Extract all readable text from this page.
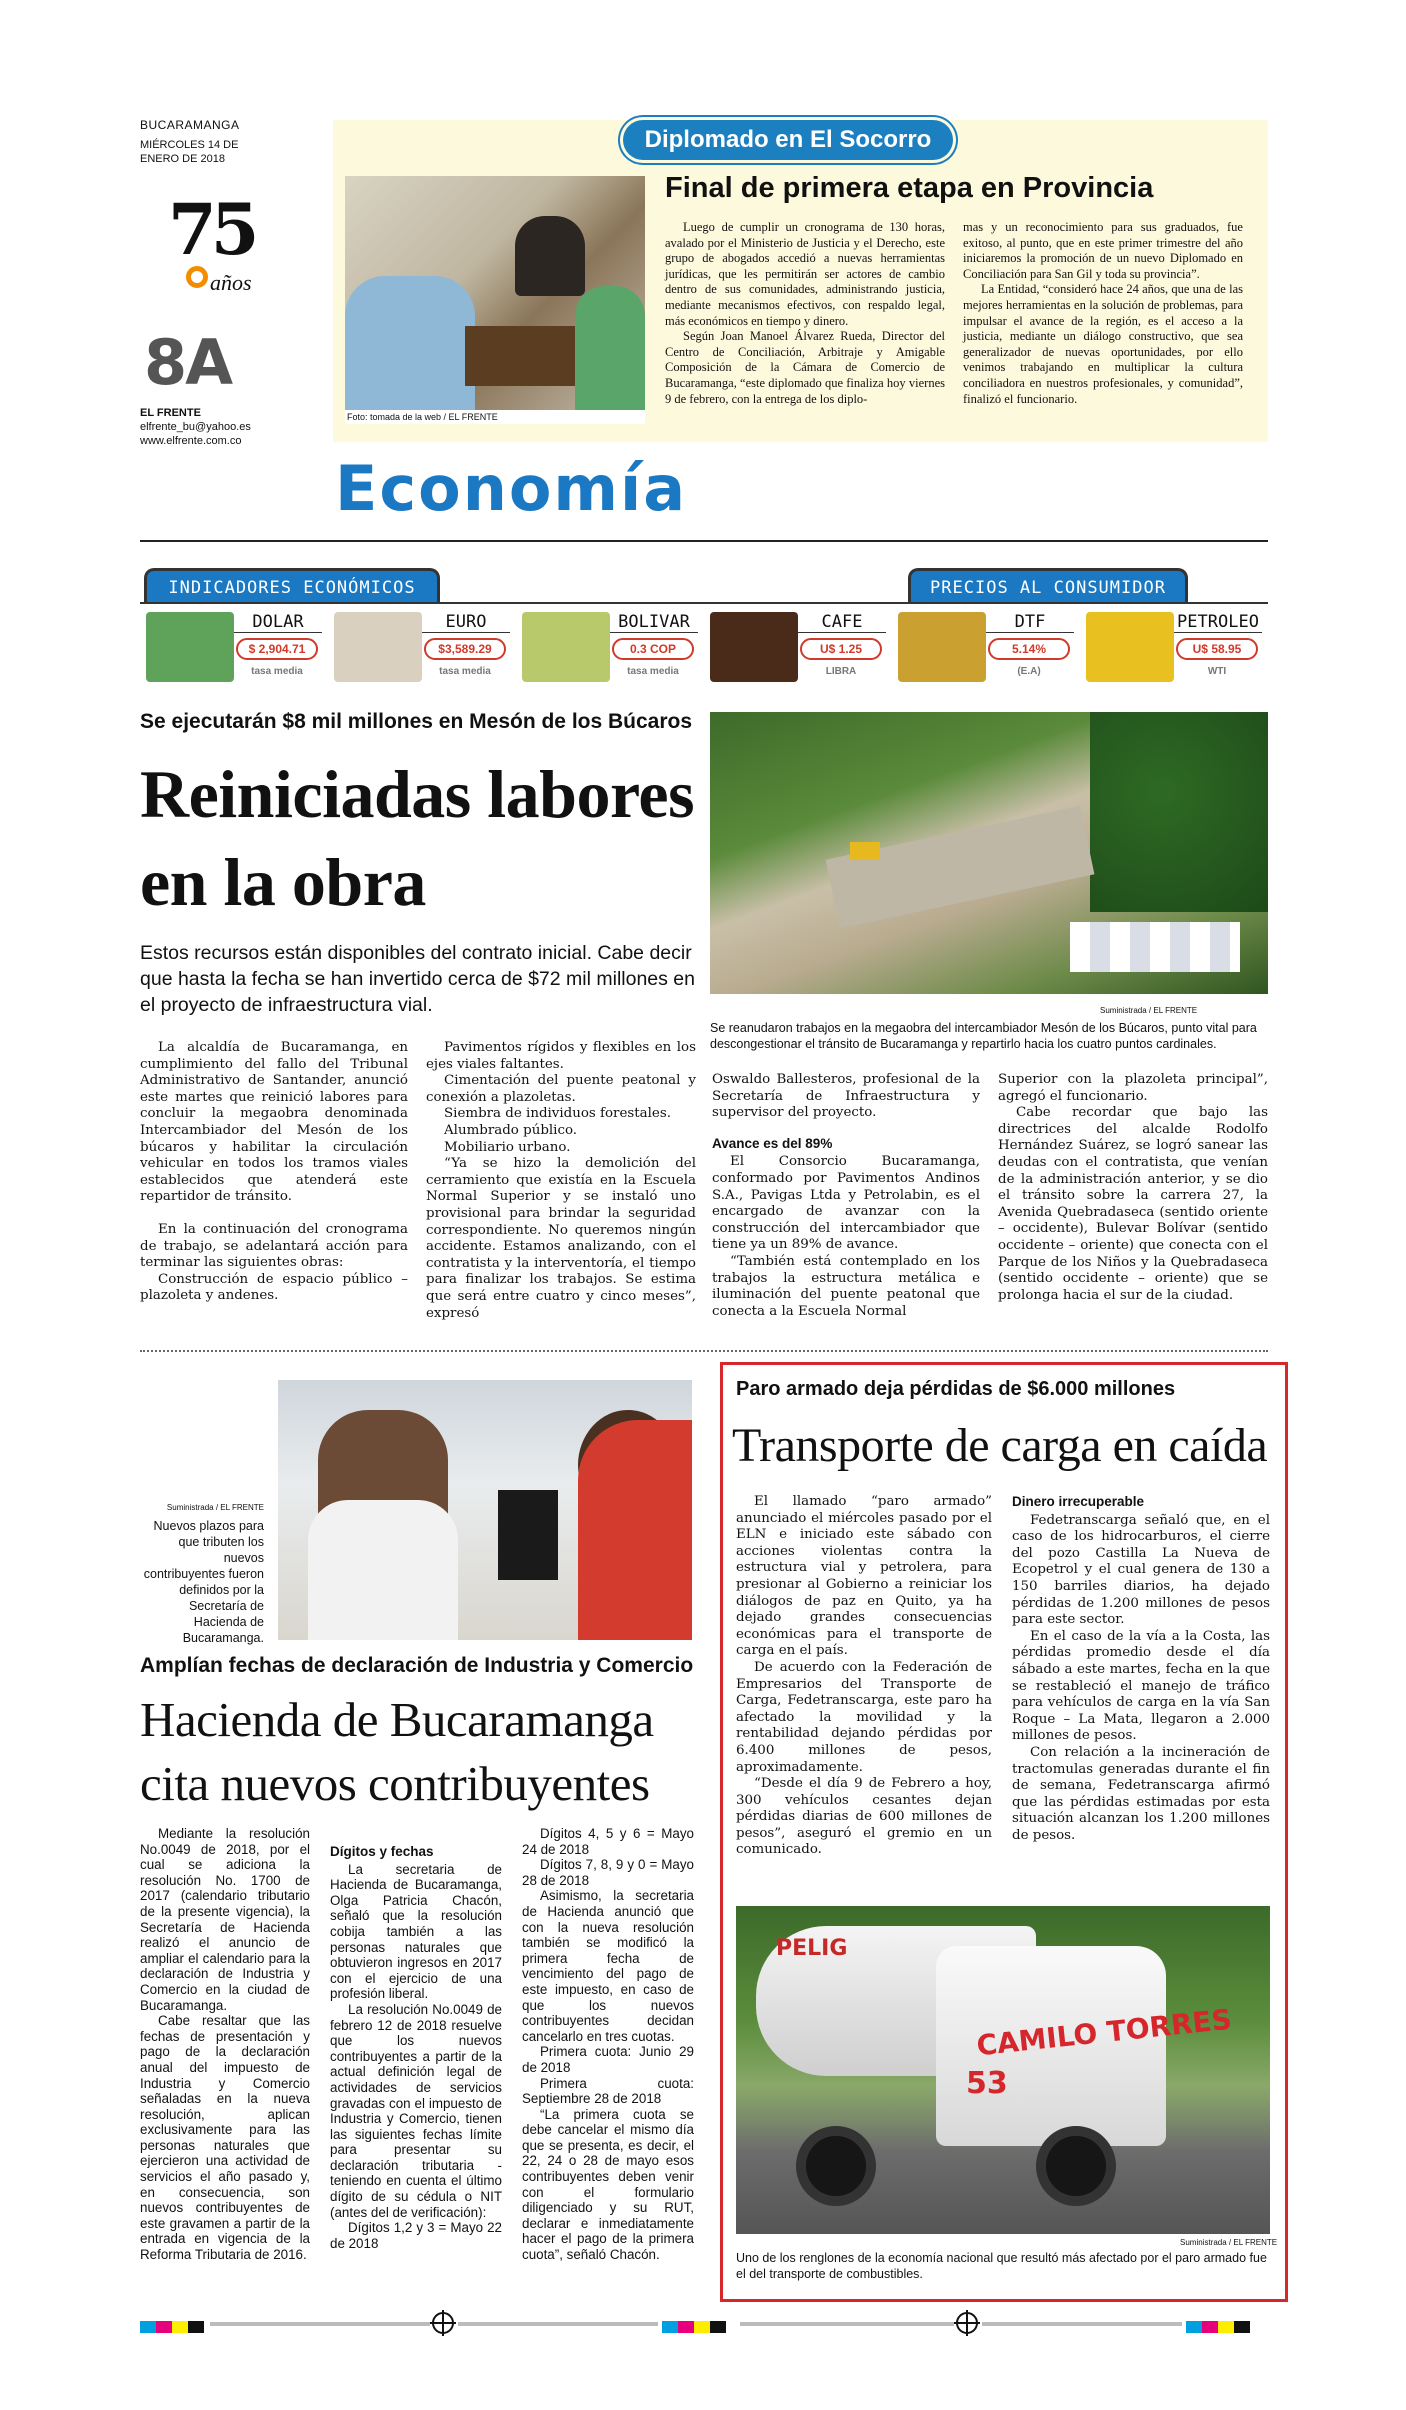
BUCARAMANGA
MIÉRCOLES 14 DE ENERO DE 2018
75
años
8A
EL FRENTE
elfrente_bu@yahoo.es
www.elfrente.com.co
Diplomado en El Socorro
Foto: tomada de la web / EL FRENTE
Final de primera etapa en Provincia

Luego de cumplir un cronograma de 130 horas, avalado por el Ministerio de Justicia y el Derecho, este grupo de abogados accedió a nuevas herramientas jurídicas, que les permitirán ser actores de cambio dentro de sus comunidades, administrando justicia, mediante mecanismos efectivos, con respaldo legal, más económicos en tiempo y dinero.

Según Joan Manoel Álvarez Rueda, Director del Centro de Conciliación, Arbitraje y Amigable Composición de la Cámara de Comercio de Bucaramanga, “este diplomado que finaliza hoy viernes 9 de febrero, con la entrega de los diplo-

mas y un reconocimiento para sus graduados, fue exitoso, al punto, que en este primer trimestre del año iniciaremos la promoción de un nuevo Diplomado en Conciliación para San Gil y toda su provincia”.

La Entidad, “consideró hace 24 años, que una de las mejores herramientas en la solución de problemas, para impulsar el avance de la región, es el acceso a la justicia, mediante un diálogo constructivo, que sea generalizador de nuevas oportunidades, por ello venimos trabajando en multiplicar la cultura conciliadora en nuestros profesionales, y comunidad”, finalizó el funcionario.

Economía
INDICADORES ECONÓMICOS	PRECIOS AL CONSUMIDOR
DOLAR
$ 2,904.71
tasa media
EURO
$3,589.29
tasa media
BOLIVAR
0.3 COP
tasa media
CAFE
U$ 1.25
LIBRA
DTF
5.14%
(E.A)
PETROLEO
U$ 58.95
WTI
Se ejecutarán $8 mil millones en Mesón de los Búcaros
Reiniciadas labores en la obra
Estos recursos están disponibles del contrato inicial. Cabe decir que hasta la fecha se han invertido cerca de $72 mil millones en el proyecto de infraestructura vial.	Suministrada / EL FRENTE
Se reanudaron trabajos en la megaobra del intercambiador Mesón de los Búcaros, punto vital para descongestionar el tránsito de Bucaramanga y repartirlo hacia los cuatro puntos cardinales.

La alcaldía de Bucaramanga, en cumplimiento del fallo del Tribunal Administrativo de Santander, anunció este martes que reinició labores para concluir la megaobra denominada Intercambiador del Mesón de los búcaros y habilitar la circulación vehicular en todos los tramos viales establecidos que atenderá este repartidor de tránsito.

En la continuación del cronograma de trabajo, se adelantará acción para terminar las siguientes obras:

Construcción de espacio público – plazoleta y andenes.

Pavimentos rígidos y flexibles en los ejes viales faltantes.

Cimentación del puente peatonal y conexión a plazoletas.

Siembra de individuos forestales.

Alumbrado público.

Mobiliario urbano.

“Ya se hizo la demolición del cerramiento que existía en la Escuela Normal Superior y se instaló uno provisional para brindar la seguridad correspondiente. No queremos ningún accidente. Estamos analizando, con el contratista y la interventoría, el tiempo para finalizar los trabajos. Se estima que será entre cuatro y cinco meses”, expresó

Oswaldo Ballesteros, profesional de la Secretaría de Infraestructura y supervisor del proyecto.

Avance es del 89%

El Consorcio Bucaramanga, conformado por Pavimentos Andinos S.A., Pavigas Ltda y Petrolabin, es el encargado de avanzar con la construcción del intercambiador que tiene ya un 89% de avance.

“También está contemplado en los trabajos la estructura metálica e iluminación del puente peatonal que conecta a la Escuela Normal

Superior con la plazoleta principal”, agregó el funcionario.

Cabe recordar que bajo las directrices del alcalde Rodolfo Hernández Suárez, se logró sanear las deudas con el contratista, que venían de la administración anterior, y se dio el tránsito sobre la carrera 27, la Avenida Quebradaseca (sentido oriente – occidente), Bulevar Bolívar (sentido occidente – oriente) que conecta con el Parque de los Niños y la Quebradaseca (sentido occidente – oriente) que se prolonga hacia el sur de la ciudad.

Suministrada / EL FRENTE
Nuevos plazos para que tributen los nuevos contribuyentes fueron definidos por la Secretaría de Hacienda de Bucaramanga.
Amplían fechas de declaración de Industria y Comercio
Hacienda de Bucaramanga cita nuevos contribuyentes

Mediante la resolución No.0049 de 2018, por el cual se adiciona la resolución No. 1700 de 2017 (calendario tributario de la presente vigencia), la Secretaría de Hacienda realizó el anuncio de ampliar el calendario para la declaración de Industria y Comercio en la ciudad de Bucaramanga.

Cabe resaltar que las fechas de presentación y pago de la declaración anual del impuesto de Industria y Comercio señaladas en la nueva resolución, aplican exclusivamente para las personas naturales que ejercieron una actividad de servicios el año pasado y, en consecuencia, son nuevos contribuyentes de este gravamen a partir de la entrada en vigencia de la Reforma Tributaria de 2016.

Dígitos y fechas

La secretaria de Hacienda de Bucaramanga, Olga Patricia Chacón, señaló que la resolución cobija también a las personas naturales que obtuvieron ingresos en 2017 con el ejercicio de una profesión liberal.

La resolución No.0049 de febrero 12 de 2018 resuelve que los nuevos contribuyentes a partir de la actual definición legal de actividades de servicios gravadas con el impuesto de Industria y Comercio, tienen las siguientes fechas límite para presentar su declaración tributaria -teniendo en cuenta el último dígito de su cédula o NIT (antes del de verificación):

Dígitos 1,2 y 3 = Mayo 22 de 2018

Dígitos 4, 5 y 6 = Mayo 24 de 2018

Dígitos 7, 8, 9 y 0 = Mayo 28 de 2018

Asimismo, la secretaria de Hacienda anunció que con la nueva resolución también se modificó la primera fecha de vencimiento del pago de este impuesto, en caso de que los nuevos contribuyentes decidan cancelarlo en tres cuotas.

Primera cuota: Junio 29 de 2018

Primera cuota: Septiembre 28 de 2018

“La primera cuota se debe cancelar el mismo día que se presenta, es decir, el 22, 24 o 28 de mayo esos contribuyentes deben venir con el formulario diligenciado y su RUT, declarar e inmediatamente hacer el pago de la primera cuota”, señaló Chacón.

Paro armado deja pérdidas de $6.000 millones
Transporte de carga en caída

El llamado “paro armado” anunciado el miércoles pasado por el ELN e iniciado este sábado con acciones violentas contra la estructura vial y petrolera, para presionar al Gobierno a reiniciar los diálogos de paz en Quito, ya ha dejado grandes consecuencias económicas para el transporte de carga en el país.

De acuerdo con la Federación de Empresarios del Transporte de Carga, Fedetranscarga, este paro ha afectado la movilidad y la rentabilidad dejando pérdidas por 6.400 millones de pesos, aproximadamente.

“Desde el día 9 de Febrero a hoy, 300 vehículos cesantes dejan pérdidas diarias de 600 millones de pesos”, aseguró el gremio en un comunicado.

Dinero irrecuperable

Fedetranscarga señaló que, en el caso de los hidrocarburos, el cierre del pozo Castilla La Nueva de Ecopetrol y el cual genera de 130 a 150 barriles diarios, ha dejado pérdidas de 1.200 millones de pesos para este sector.

En el caso de la vía a la Costa, las pérdidas promedio desde el día sábado a este martes, fecha en la que se restableció el manejo de tráfico para vehículos de carga en la vía San Roque – La Mata, llegaron a 2.000 millones de pesos.

Con relación a la incineración de tractomulas generadas durante el fin de semana, Fedetranscarga afirmó que las pérdidas estimadas por esta situación alcanzan los 1.200 millones de pesos.

PELIG
CAMILO TORRES
53
Suministrada / EL FRENTE
Uno de los renglones de la economía nacional que resultó más afectado por el paro armado fue el del transporte de combustibles.
